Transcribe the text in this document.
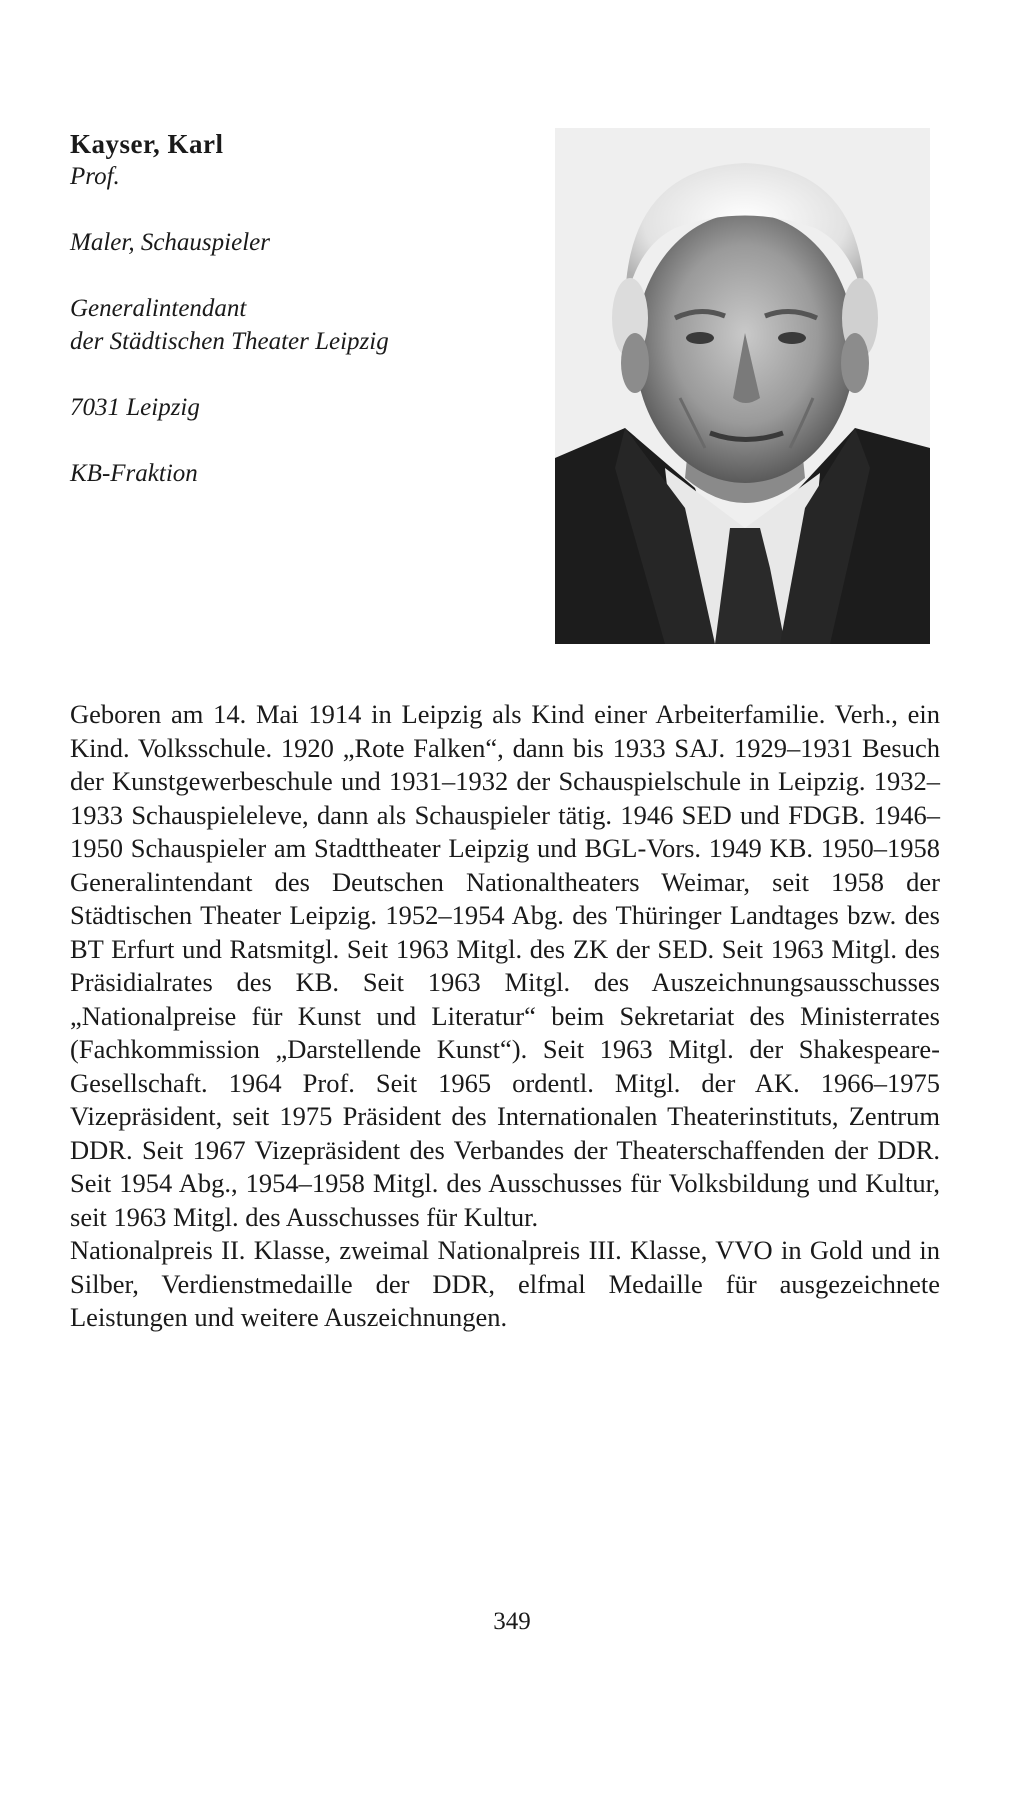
Kayser, Karl

Prof.

Maler, Schauspieler

Generalintendant

der Städtischen Theater Leipzig

7031 Leipzig

KB-Fraktion

Geboren am 14. Mai 1914 in Leipzig als Kind einer Arbeiterfamilie. Verh., ein Kind. Volksschule. 1920 „Rote Falken“, dann bis 1933 SAJ. 1929–1931 Besuch der Kunstgewerbeschule und 1931–1932 der Schauspielschule in Leipzig. 1932–1933 Schauspieleleve, dann als Schauspieler tätig. 1946 SED und FDGB. 1946–1950 Schauspieler am Stadttheater Leipzig und BGL-Vors. 1949 KB. 1950–1958 Generalintendant des Deutschen Nationaltheaters Weimar, seit 1958 der Städtischen Theater Leipzig. 1952–1954 Abg. des Thüringer Landtages bzw. des BT Erfurt und Ratsmitgl. Seit 1963 Mitgl. des ZK der SED. Seit 1963 Mitgl. des Präsidialrates des KB. Seit 1963 Mitgl. des Auszeichnungsausschusses „Nationalpreise für Kunst und Literatur“ beim Sekretariat des Ministerrates (Fachkommission „Darstellende Kunst“). Seit 1963 Mitgl. der Shakespeare-Gesellschaft. 1964 Prof. Seit 1965 ordentl. Mitgl. der AK. 1966–1975 Vizepräsident, seit 1975 Präsident des Internationalen Theaterinstituts, Zentrum DDR. Seit 1967 Vizepräsident des Verbandes der Theaterschaffenden der DDR. Seit 1954 Abg., 1954–1958 Mitgl. des Ausschusses für Volksbildung und Kultur, seit 1963 Mitgl. des Ausschusses für Kultur.

Nationalpreis II. Klasse, zweimal Nationalpreis III. Klasse, VVO in Gold und in Silber, Verdienstmedaille der DDR, elfmal Medaille für ausgezeichnete Leistungen und weitere Auszeichnungen.

349
